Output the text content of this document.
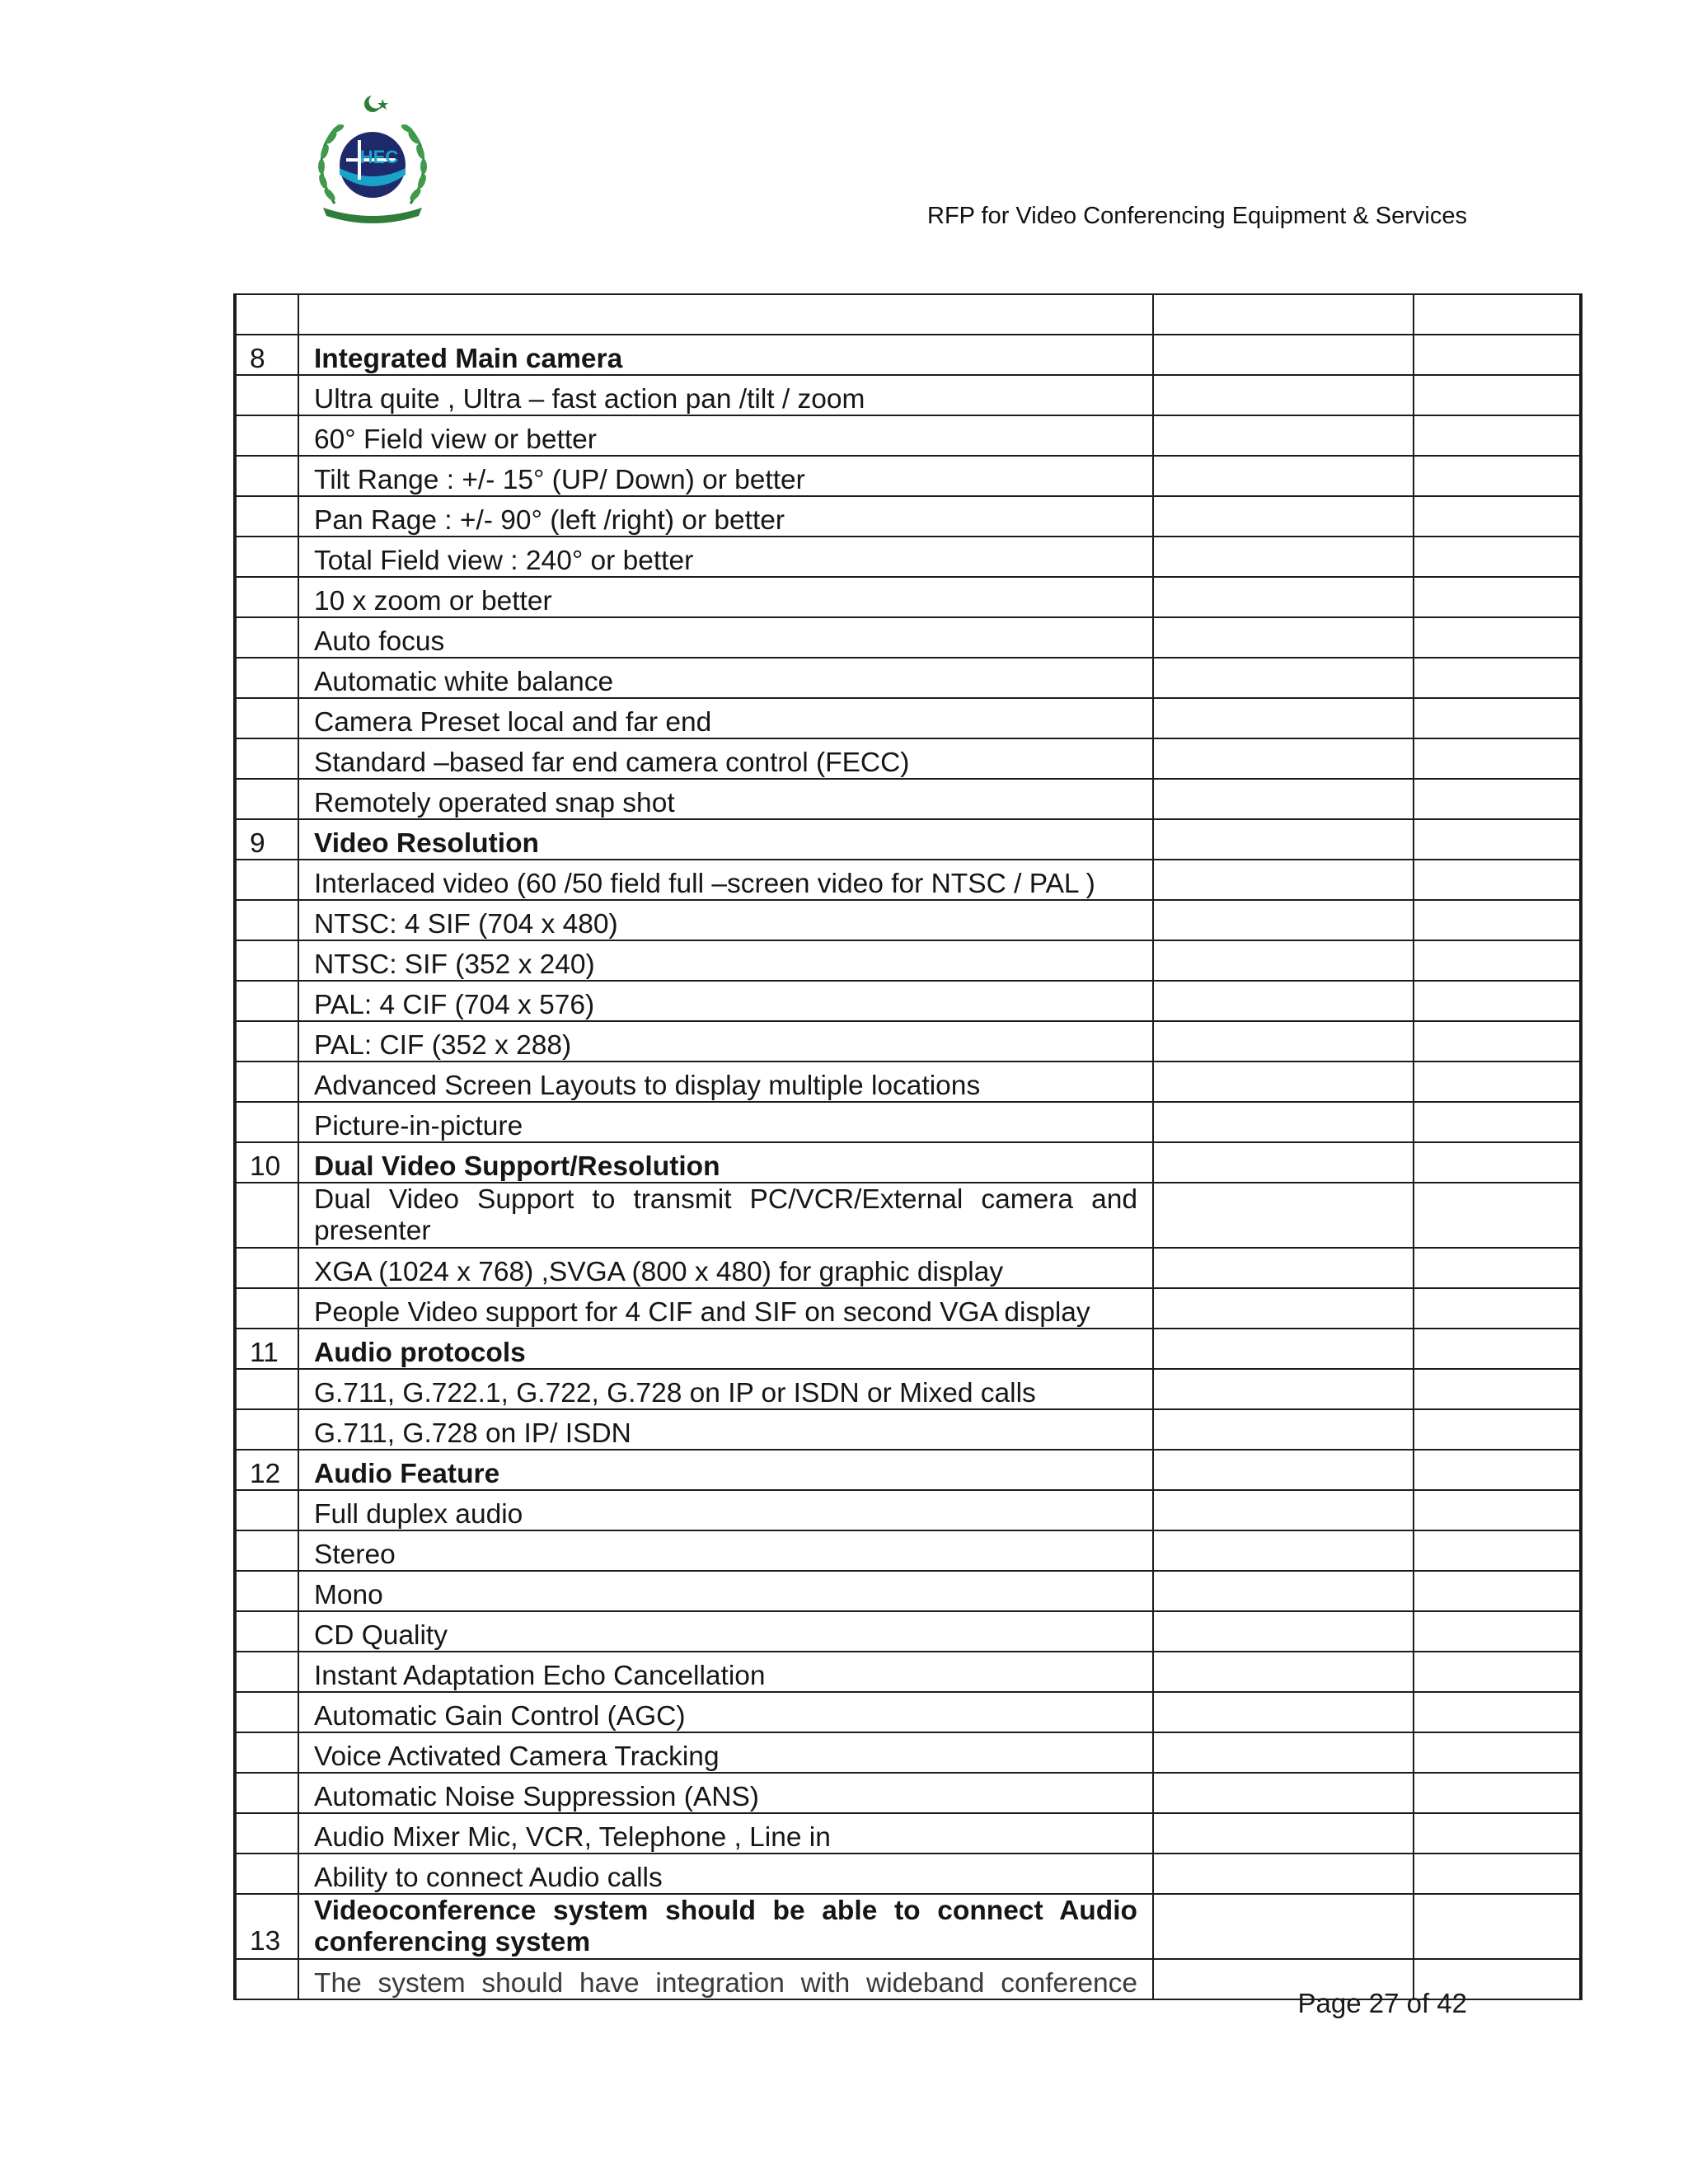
HEC
RFP for Video Conferencing Equipment & Services

8	Integrated Main camera		
	Ultra quite , Ultra – fast action pan /tilt / zoom		
	60° Field view or better		
	Tilt Range : +/- 15° (UP/ Down) or better		
	Pan Rage : +/- 90° (left /right) or better		
	Total Field view : 240° or better		
	10 x zoom or better		
	Auto focus		
	Automatic white balance		
	Camera Preset local and far end		
	Standard –based far end camera control (FECC)		
	Remotely operated snap shot		
9	Video Resolution		
	Interlaced video (60 /50 field full –screen video for NTSC / PAL )		
	NTSC: 4 SIF (704 x 480)		
	NTSC: SIF (352 x 240)		
	PAL: 4 CIF (704 x 576)		
	PAL: CIF (352 x 288)		
	Advanced Screen Layouts to display multiple locations		
	Picture-in-picture		
10	Dual Video Support/Resolution		
	Dual Video Support to transmit PC/VCR/External camera and presenter		
	XGA (1024 x 768) ,SVGA (800 x 480) for graphic display		
	People Video support for 4 CIF and SIF on second VGA display		
11	Audio protocols		
	G.711, G.722.1, G.722, G.728 on IP or ISDN or Mixed calls		
	G.711, G.728 on IP/ ISDN		
12	Audio Feature		
	Full duplex audio		
	Stereo		
	Mono		
	CD Quality		
	Instant Adaptation Echo Cancellation		
	Automatic Gain Control (AGC)		
	Voice Activated Camera Tracking		
	Automatic Noise Suppression (ANS)		
	Audio Mixer Mic, VCR, Telephone , Line in		
	Ability to connect Audio calls		
13	Videoconference system should be able to connect Audio conferencing system		
	The system should have integration with wideband conference		
Page 27 of 42
